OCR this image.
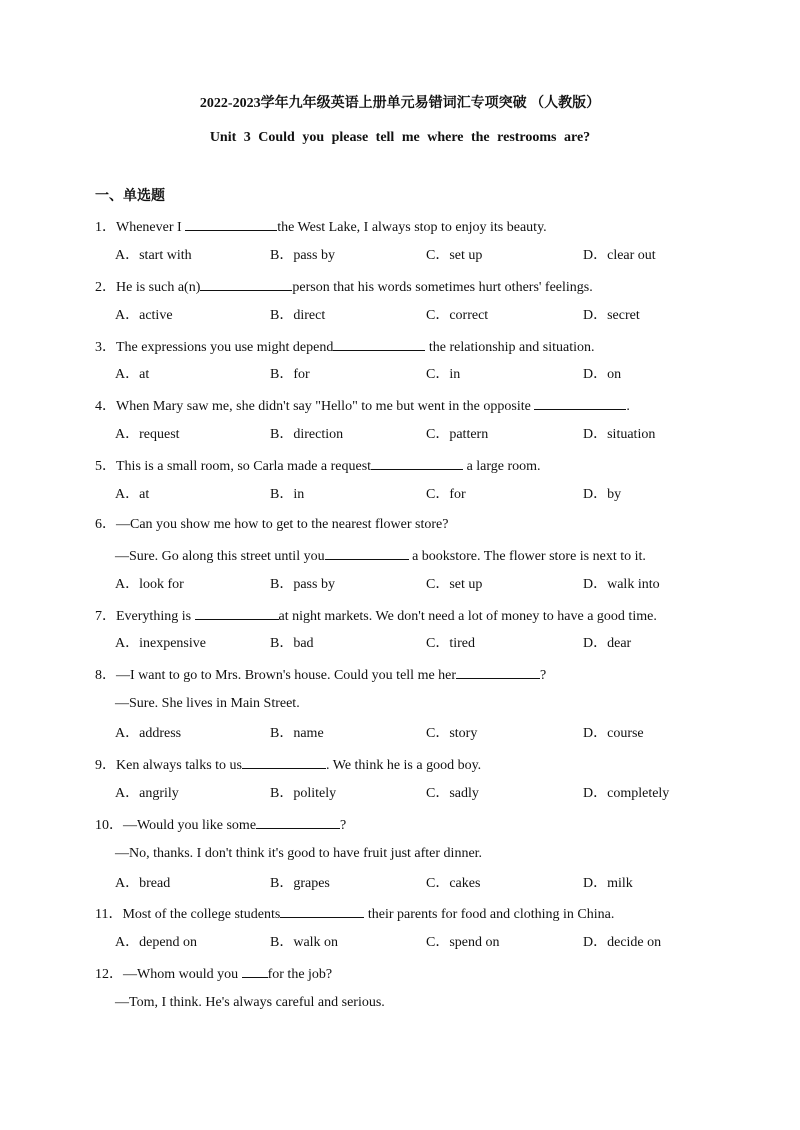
2022-2023学年九年级英语上册单元易错词汇专项突破 （人教版）
Unit 3 Could you please tell me where the restrooms are?
一、单选题
1．Whenever I	the West Lake, I always stop to enjoy its beauty.
A．start with	B．pass by	C．set up	D．clear out
2．He is such a(n)	person that his words sometimes hurt others' feelings.
A．active	B．direct	C．correct	D．secret
3．The expressions you use might depend	the relationship and situation.
A．at	B．for	C．in	D．on
4．When Mary saw me, she didn't say "Hello" to me but went in the opposite	.
A．request	B．direction	C．pattern	D．situation
5．This is a small room, so Carla made a request	a large room.
A．at	B．in	C．for	D．by
6．—Can you show me how to get to the nearest flower store?
—Sure. Go along this street until you	a bookstore. The flower store is next to it.
A．look for	B．pass by	C．set up	D．walk into
7．Everything is	at night markets. We don't need a lot of money to have a good time.
A．inexpensive	B．bad	C．tired	D．dear
8．—I want to go to Mrs. Brown's house. Could you tell me her	?
—Sure. She lives in Main Street.
A．address	B．name	C．story	D．course
9．Ken always talks to us	. We think he is a good boy.
A．angrily	B．politely	C．sadly	D．completely
10．—Would you like some	?
—No, thanks. I don't think it's good to have fruit just after dinner.
A．bread	B．grapes	C．cakes	D．milk
11．Most of the college students	their parents for food and clothing in China.
A．depend on	B．walk on	C．spend on	D．decide on
12．—Whom would you for the job?
—Tom, I think. He's always careful and serious.
